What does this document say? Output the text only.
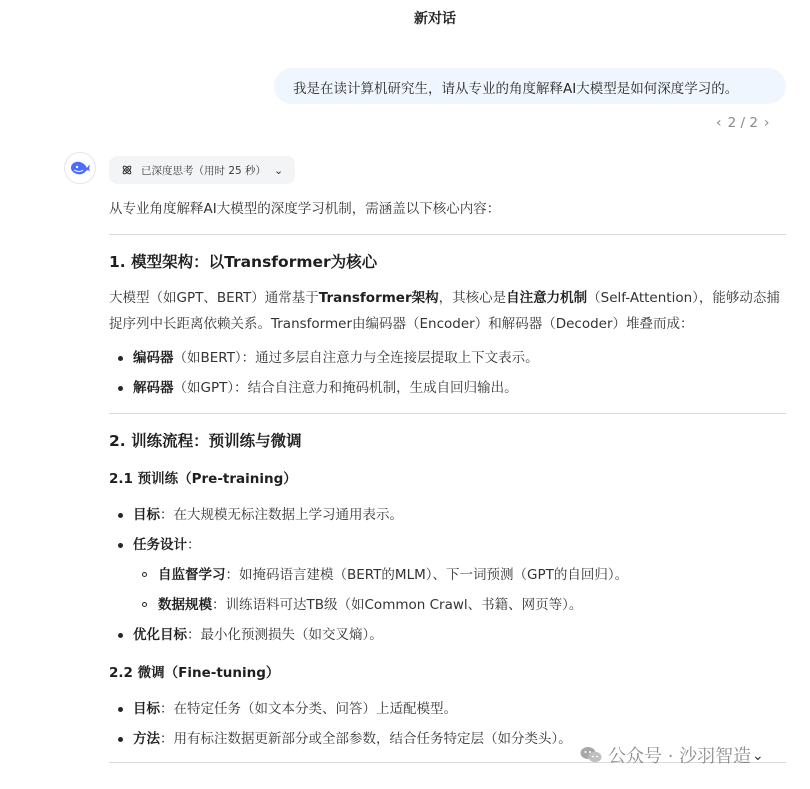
新对话
我是在读计算机研究生，请从专业的角度解释AI大模型是如何深度学习的。
‹ 2 / 2 ›
已深度思考（用时 25 秒） ⌄

从专业角度解释AI大模型的深度学习机制，需涵盖以下核心内容：

1. 模型架构：以Transformer为核心

大模型（如GPT、BERT）通常基于Transformer架构，其核心是自注意力机制（Self-Attention），能够动态捕捉序列中长距离依赖关系。Transformer由编码器（Encoder）和解码器（Decoder）堆叠而成：

编码器（如BERT）：通过多层自注意力与全连接层提取上下文表示。
解码器（如GPT）：结合自注意力和掩码机制，生成自回归输出。

2. 训练流程：预训练与微调

2.1 预训练（Pre-training）

目标：在大规模无标注数据上学习通用表示。
任务设计：
自监督学习：如掩码语言建模（BERT的MLM）、下一词预测（GPT的自回归）。
数据规模：训练语料可达TB级（如Common Crawl、书籍、网页等）。
优化目标：最小化预测损失（如交叉熵）。

2.2 微调（Fine-tuning）

目标：在特定任务（如文本分类、问答）上适配模型。
方法：用有标注数据更新部分或全部参数，结合任务特定层（如分类头）。
公众号 · 沙羽智造 ⌄
